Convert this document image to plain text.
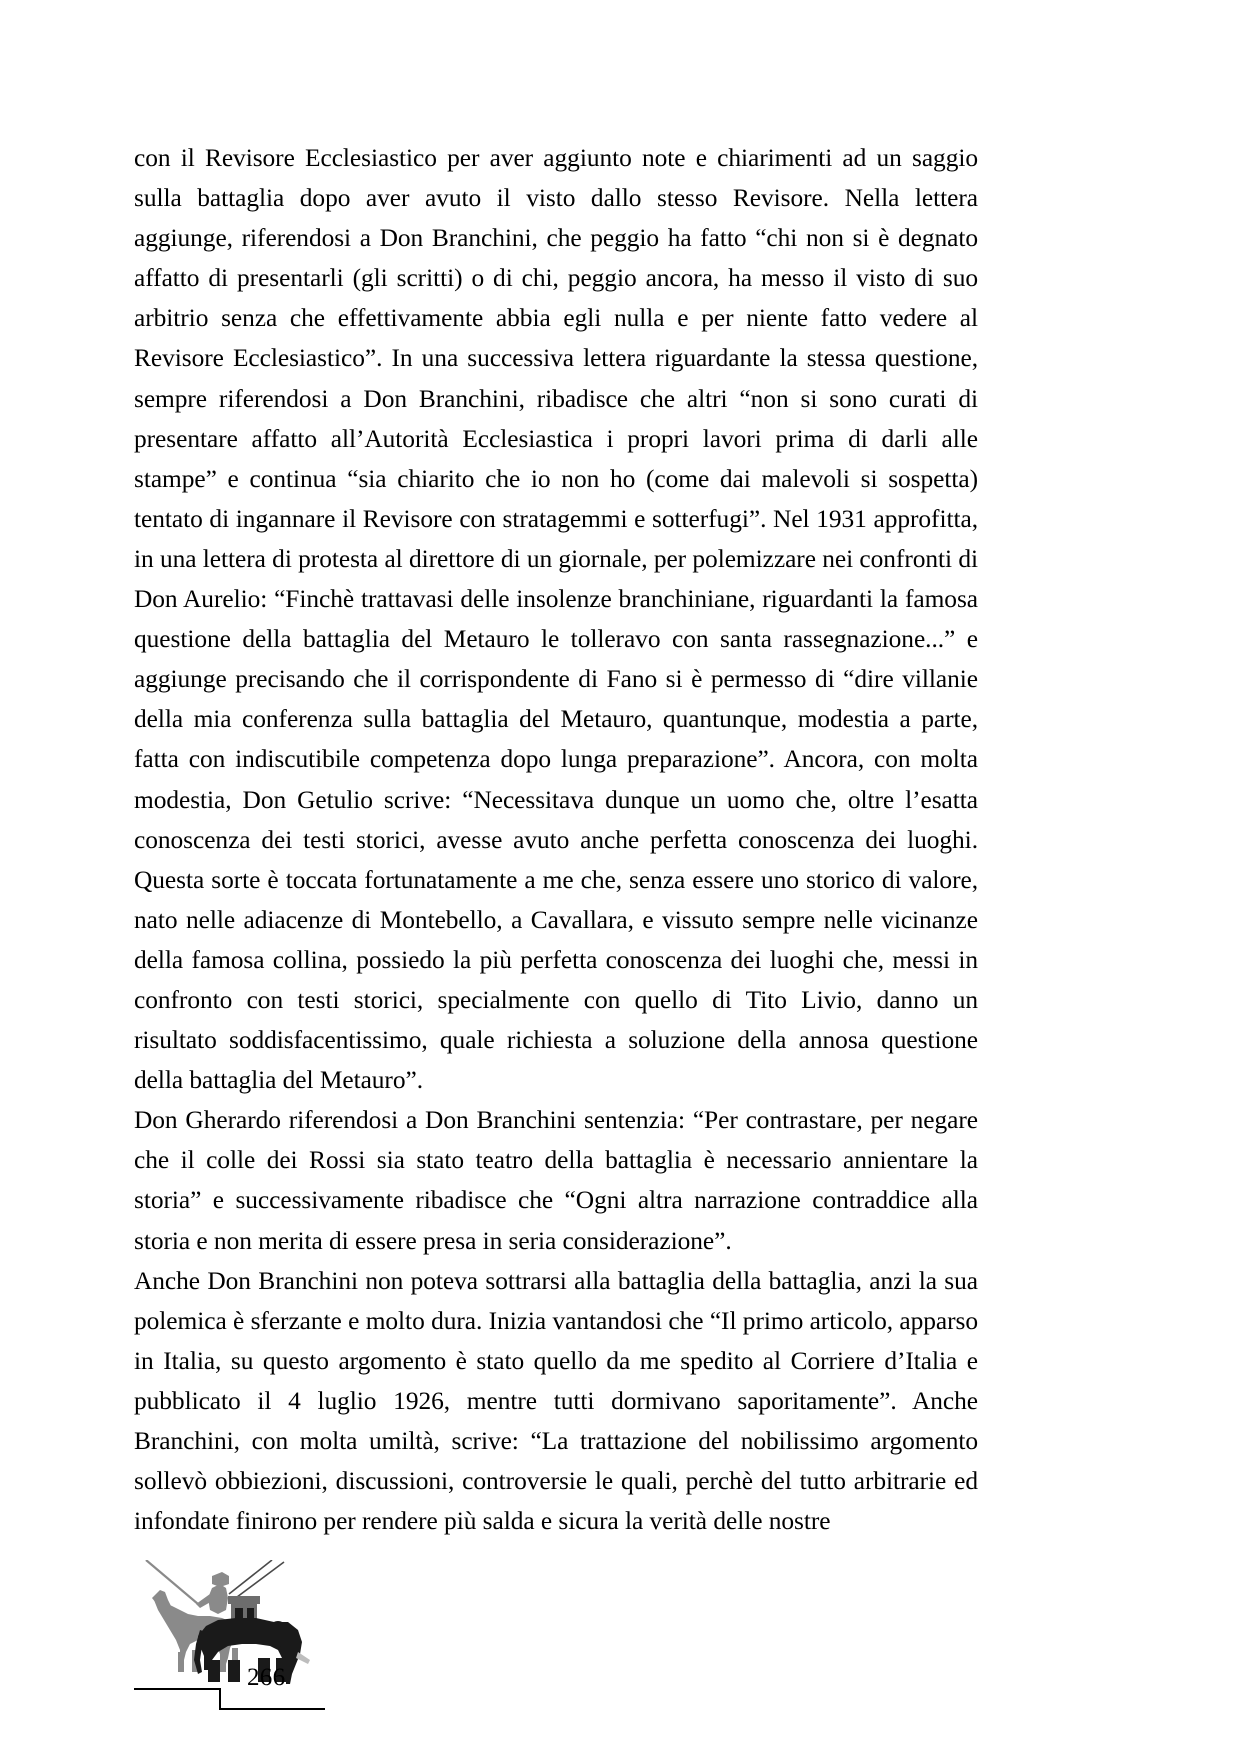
con il Revisore Ecclesiastico per aver aggiunto note e chiarimenti ad un saggio sulla battaglia dopo aver avuto il visto dallo stesso Revisore. Nella lettera aggiunge, riferendosi a Don Branchini, che peggio ha fatto “chi non si è degnato affatto di presentarli (gli scritti) o di chi, peggio ancora, ha messo il visto di suo arbitrio senza che effettivamente abbia egli nulla e per niente fatto vedere al Revisore Ecclesiastico”. In una successiva lettera riguardante la stessa questione, sempre riferendosi a Don Branchini, ribadisce che altri “non si sono curati di presentare affatto all’Autorità Ecclesiastica i propri lavori prima di darli alle stampe” e continua “sia chiarito che io non ho (come dai malevoli si sospetta) tentato di ingannare il Revisore con stratagemmi e sotterfugi”. Nel 1931 approfitta, in una lettera di protesta al direttore di un giornale, per polemizzare nei confronti di Don Aurelio: “Finchè trattavasi delle insolenze branchiniane, riguardanti la famosa questione della battaglia del Metauro le tolleravo con santa rassegnazione...” e aggiunge precisando che il corrispondente di Fano si è permesso di “dire villanie della mia conferenza sulla battaglia del Metauro, quantunque, modestia a parte, fatta con indiscutibile competenza dopo lunga preparazione”. Ancora, con molta modestia, Don Getulio scrive: “Necessitava dunque un uomo che, oltre l’esatta conoscenza dei testi storici, avesse avuto anche perfetta conoscenza dei luoghi. Questa sorte è toccata fortunatamente a me che, senza essere uno storico di valore, nato nelle adiacenze di Montebello, a Cavallara, e vissuto sempre nelle vicinanze della famosa collina, possiedo la più perfetta conoscenza dei luoghi che, messi in confronto con testi storici, specialmente con quello di Tito Livio, danno un risultato soddisfacentissimo, quale richiesta a soluzione della annosa questione della battaglia del Metauro”.

Don Gherardo riferendosi a Don Branchini sentenzia: “Per contrastare, per negare che il colle dei Rossi sia stato teatro della battaglia è necessario annientare la storia” e successivamente ribadisce che “Ogni altra narrazione contraddice alla storia e non merita di essere presa in seria considerazione”.

Anche Don Branchini non poteva sottrarsi alla battaglia della battaglia, anzi la sua polemica è sferzante e molto dura. Inizia vantandosi che “Il primo articolo, apparso in Italia, su questo argomento è stato quello da me spedito al Corriere d’Italia e pubblicato il 4 luglio 1926, mentre tutti dormivano saporitamente”. Anche Branchini, con molta umiltà, scrive: “La trattazione del nobilissimo argomento sollevò obbiezioni, discussioni, controversie le quali, perchè del tutto arbitrarie ed infondate finirono per rendere più salda e sicura la verità delle nostre

266
